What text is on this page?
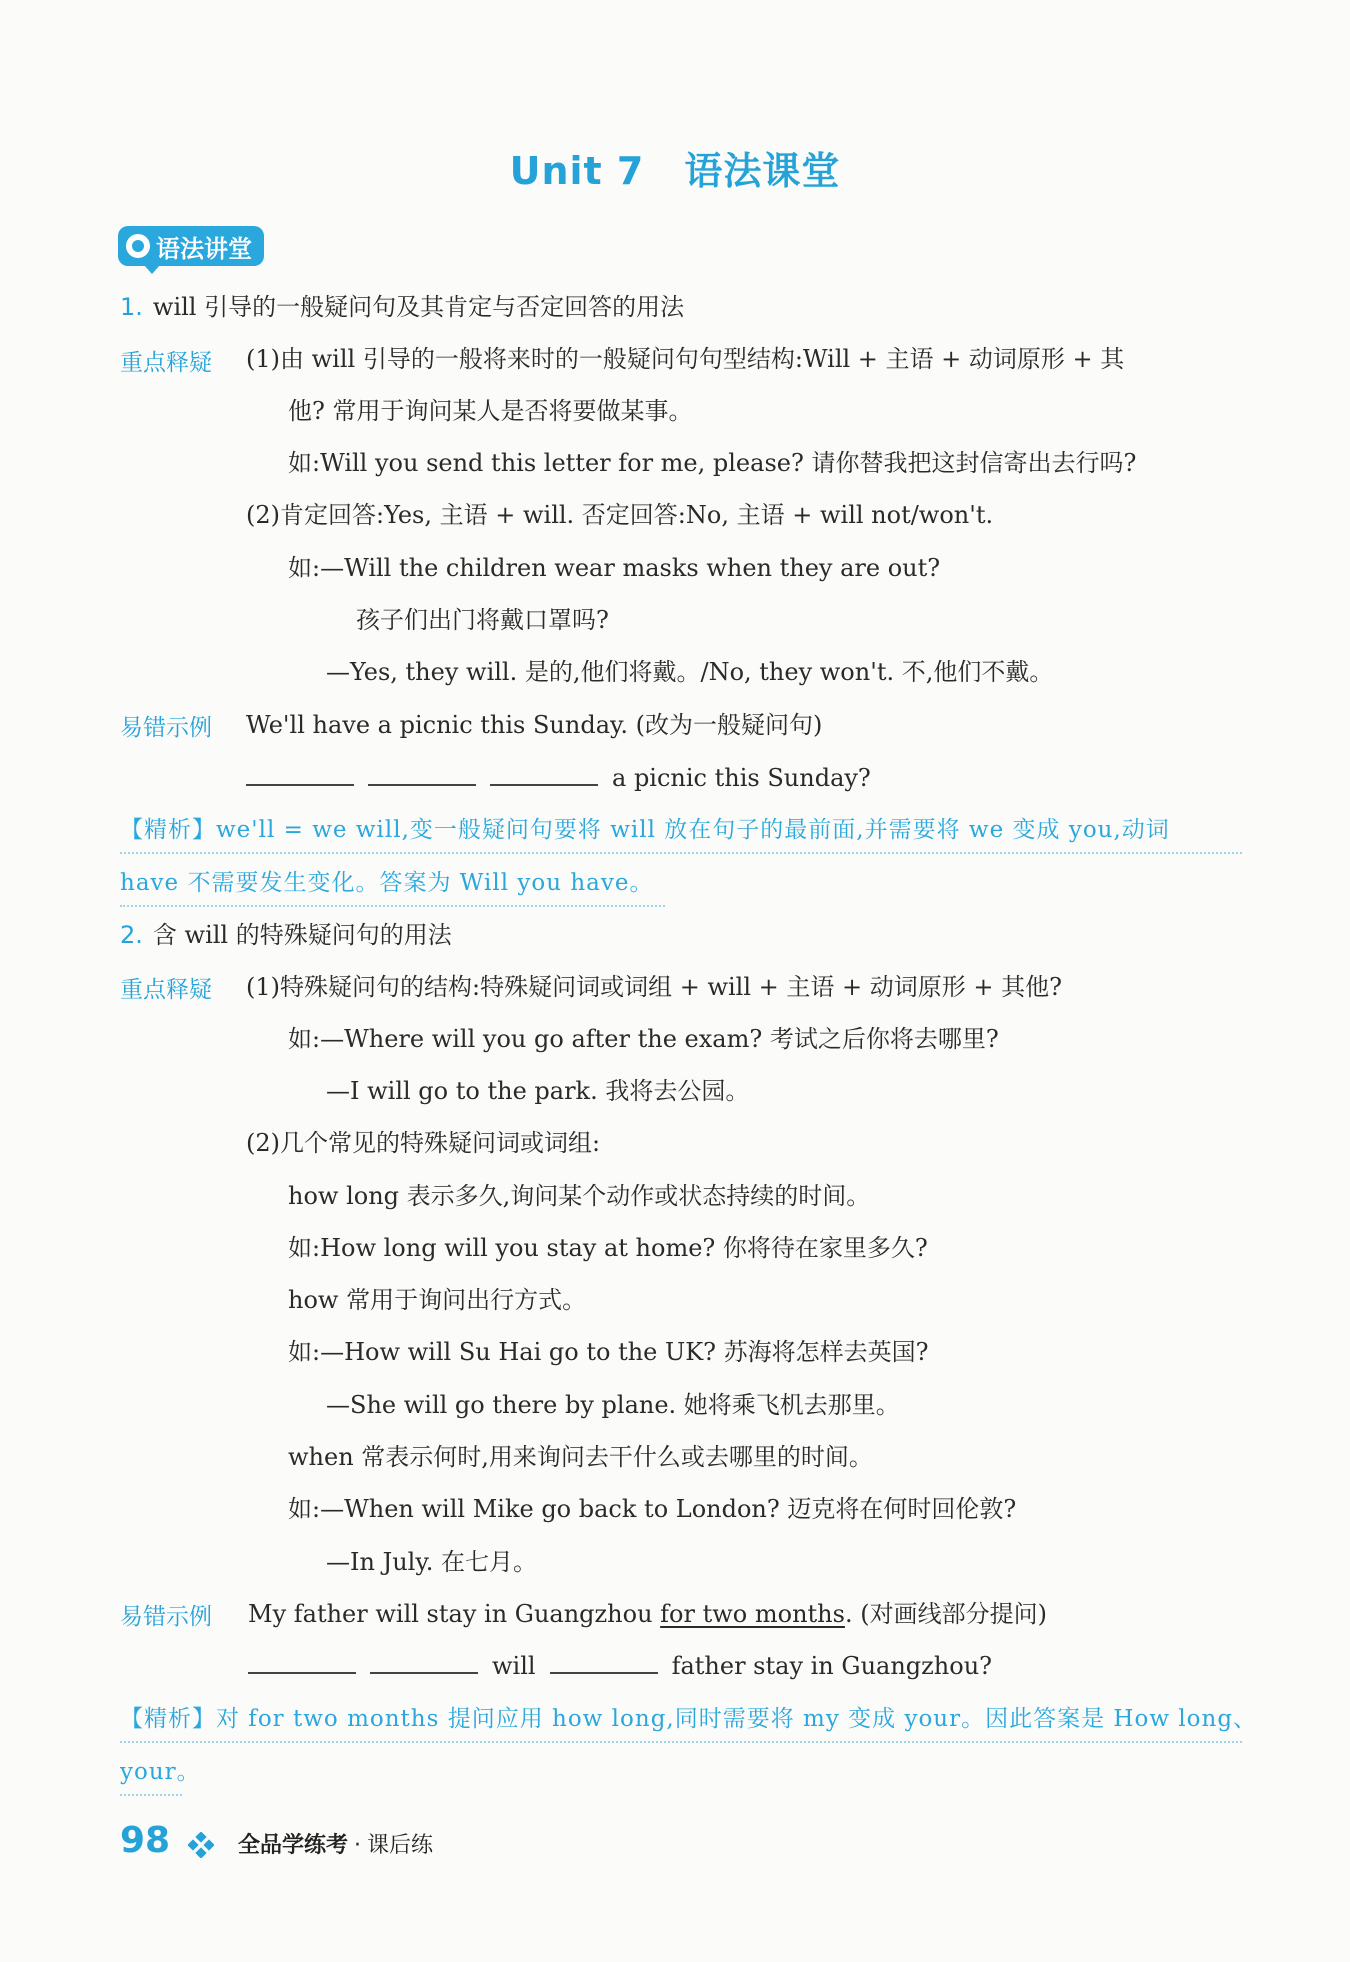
Unit 7 语法课堂
语法讲堂
1. will 引导的一般疑问句及其肯定与否定回答的用法
重点释疑 (1)由 will 引导的一般将来时的一般疑问句句型结构:Will + 主语 + 动词原形 + 其
他? 常用于询问某人是否将要做某事。
如:Will you send this letter for me, please? 请你替我把这封信寄出去行吗?
(2)肯定回答:Yes, 主语 + will. 否定回答:No, 主语 + will not/won't.
如:—Will the children wear masks when they are out?
孩子们出门将戴口罩吗?
—Yes, they will. 是的,他们将戴。/No, they won't. 不,他们不戴。
易错示例 We'll have a picnic this Sunday. (改为一般疑问句)
a picnic this Sunday?
【精析】we'll = we will,变一般疑问句要将 will 放在句子的最前面,并需要将 we 变成 you,动词
have 不需要发生变化。答案为 Will you have。
2. 含 will 的特殊疑问句的用法
重点释疑 (1)特殊疑问句的结构:特殊疑问词或词组 + will + 主语 + 动词原形 + 其他?
如:—Where will you go after the exam? 考试之后你将去哪里?
—I will go to the park. 我将去公园。
(2)几个常见的特殊疑问词或词组:
how long 表示多久,询问某个动作或状态持续的时间。
如:How long will you stay at home? 你将待在家里多久?
how 常用于询问出行方式。
如:—How will Su Hai go to the UK? 苏海将怎样去英国?
—She will go there by plane. 她将乘飞机去那里。
when 常表示何时,用来询问去干什么或去哪里的时间。
如:—When will Mike go back to London? 迈克将在何时回伦敦?
—In July. 在七月。
易错示例 My father will stay in Guangzhou for two months. (对画线部分提问)
will	father stay in Guangzhou?
【精析】对 for two months 提问应用 how long,同时需要将 my 变成 your。因此答案是 How long、
your。
98	全品学练考 · 课后练
